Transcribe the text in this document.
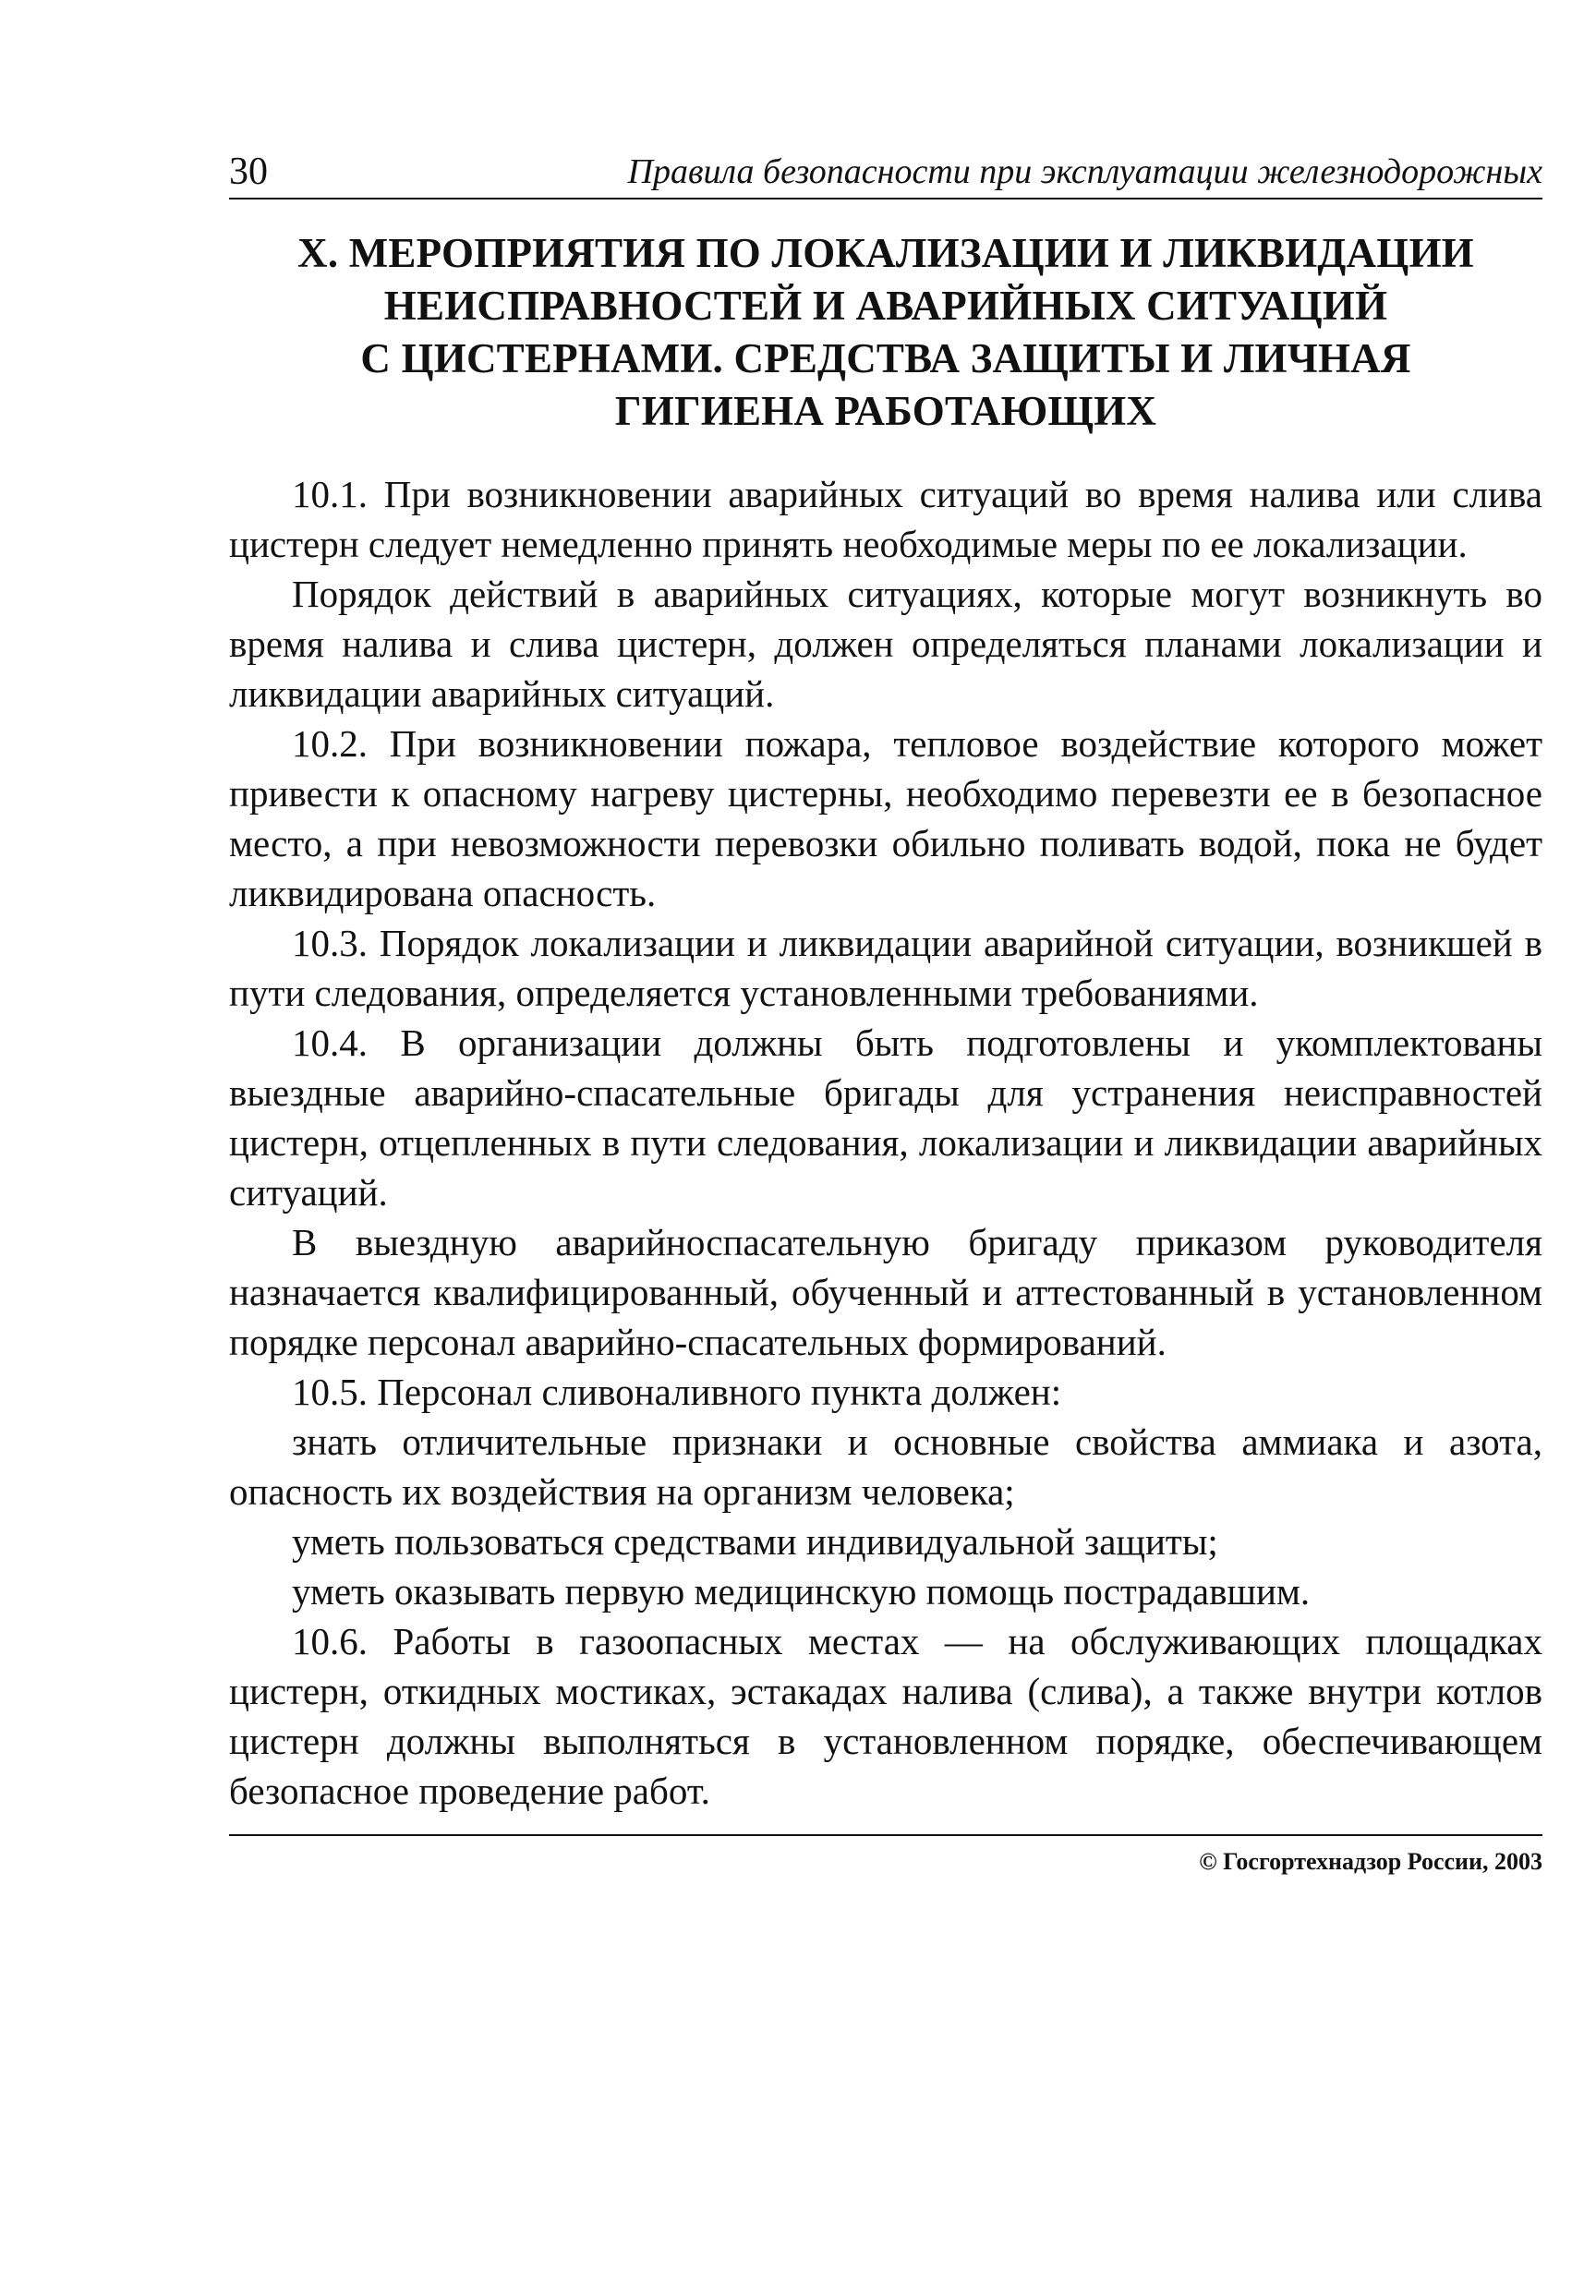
30	Правила безопасности при эксплуатации железнодорожных
X. МЕРОПРИЯТИЯ ПО ЛОКАЛИЗАЦИИ И ЛИКВИДАЦИИ
НЕИСПРАВНОСТЕЙ И АВАРИЙНЫХ СИТУАЦИЙ
С ЦИСТЕРНАМИ. СРЕДСТВА ЗАЩИТЫ И ЛИЧНАЯ
ГИГИЕНА РАБОТАЮЩИХ

10.1. При возникновении аварийных ситуаций во время налива или слива цистерн следует немедленно принять необходимые меры по ее локализации.

Порядок действий в аварийных ситуациях, которые могут возникнуть во время налива и слива цистерн, должен определяться планами локализации и ликвидации аварийных ситуаций.

10.2. При возникновении пожара, тепловое воздействие которого может привести к опасному нагреву цистерны, необходимо перевезти ее в безопасное место, а при невозможности перевозки обильно поливать водой, пока не будет ликвидирована опасность.

10.3. Порядок локализации и ликвидации аварийной ситуации, возникшей в пути следования, определяется установленными требованиями.

10.4. В организации должны быть подготовлены и укомплектованы выездные аварийно-спасательные бригады для устранения неисправностей цистерн, отцепленных в пути следования, локализации и ликвидации аварийных ситуаций.

В выездную аварийноспасательную бригаду приказом руководителя назначается квалифицированный, обученный и аттестованный в установленном порядке персонал аварийно-спасательных формирований.

10.5. Персонал сливоналивного пункта должен:

знать отличительные признаки и основные свойства аммиака и азота, опасность их воздействия на организм человека;

уметь пользоваться средствами индивидуальной защиты;

уметь оказывать первую медицинскую помощь пострадавшим.

10.6. Работы в газоопасных местах — на обслуживающих площадках цистерн, откидных мостиках, эстакадах налива (слива), а также внутри котлов цистерн должны выполняться в установленном порядке, обеспечивающем безопасное проведение работ.

© Госгортехнадзор России, 2003
